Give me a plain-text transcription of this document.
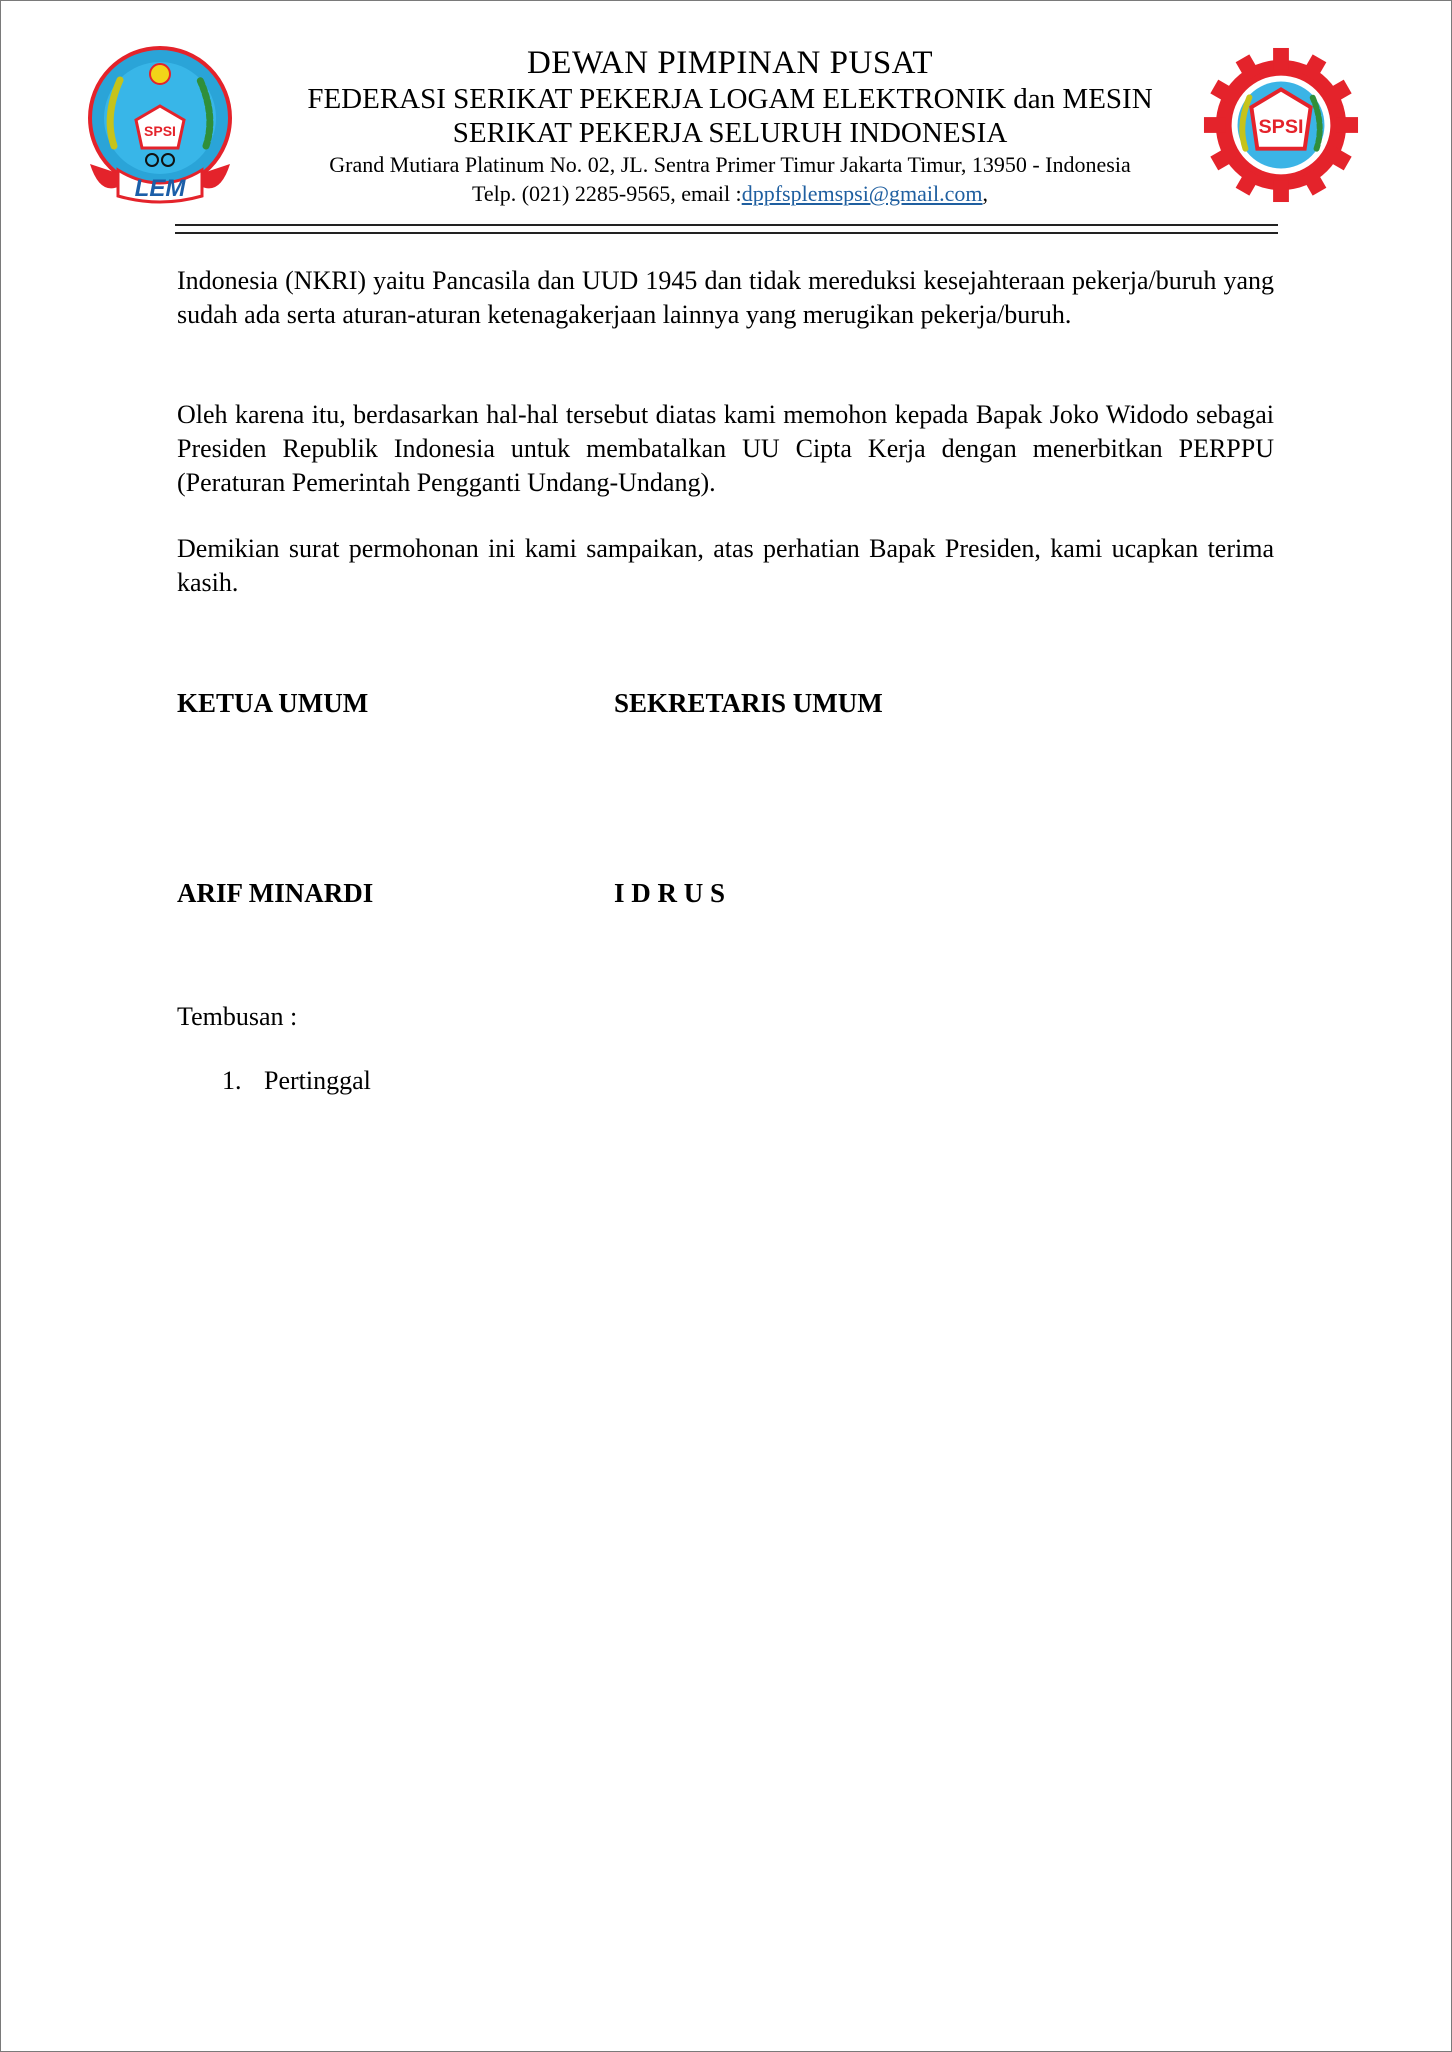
SPSI
LEM
SPSI
DEWAN PIMPINAN PUSAT
FEDERASI SERIKAT PEKERJA LOGAM ELEKTRONIK dan MESIN
SERIKAT PEKERJA SELURUH INDONESIA
Grand Mutiara Platinum No. 02, JL. Sentra Primer Timur Jakarta Timur, 13950 - Indonesia
Telp. (021) 2285-9565, email :dppfsplemspsi@gmail.com,
Indonesia (NKRI) yaitu Pancasila dan UUD 1945 dan tidak mereduksi kesejahteraan pekerja/buruh yang sudah ada serta aturan-aturan ketenagakerjaan lainnya yang merugikan pekerja/buruh.
Oleh karena itu, berdasarkan hal-hal tersebut diatas kami memohon kepada Bapak Joko Widodo sebagai Presiden Republik Indonesia untuk membatalkan UU Cipta Kerja dengan menerbitkan PERPPU (Peraturan Pemerintah Pengganti Undang-Undang).
Demikian surat permohonan ini kami sampaikan, atas perhatian Bapak Presiden, kami ucapkan terima kasih.
KETUA UMUM	SEKRETARIS UMUM
ARIF MINARDI	I D R U S
Tembusan :
1. Pertinggal
